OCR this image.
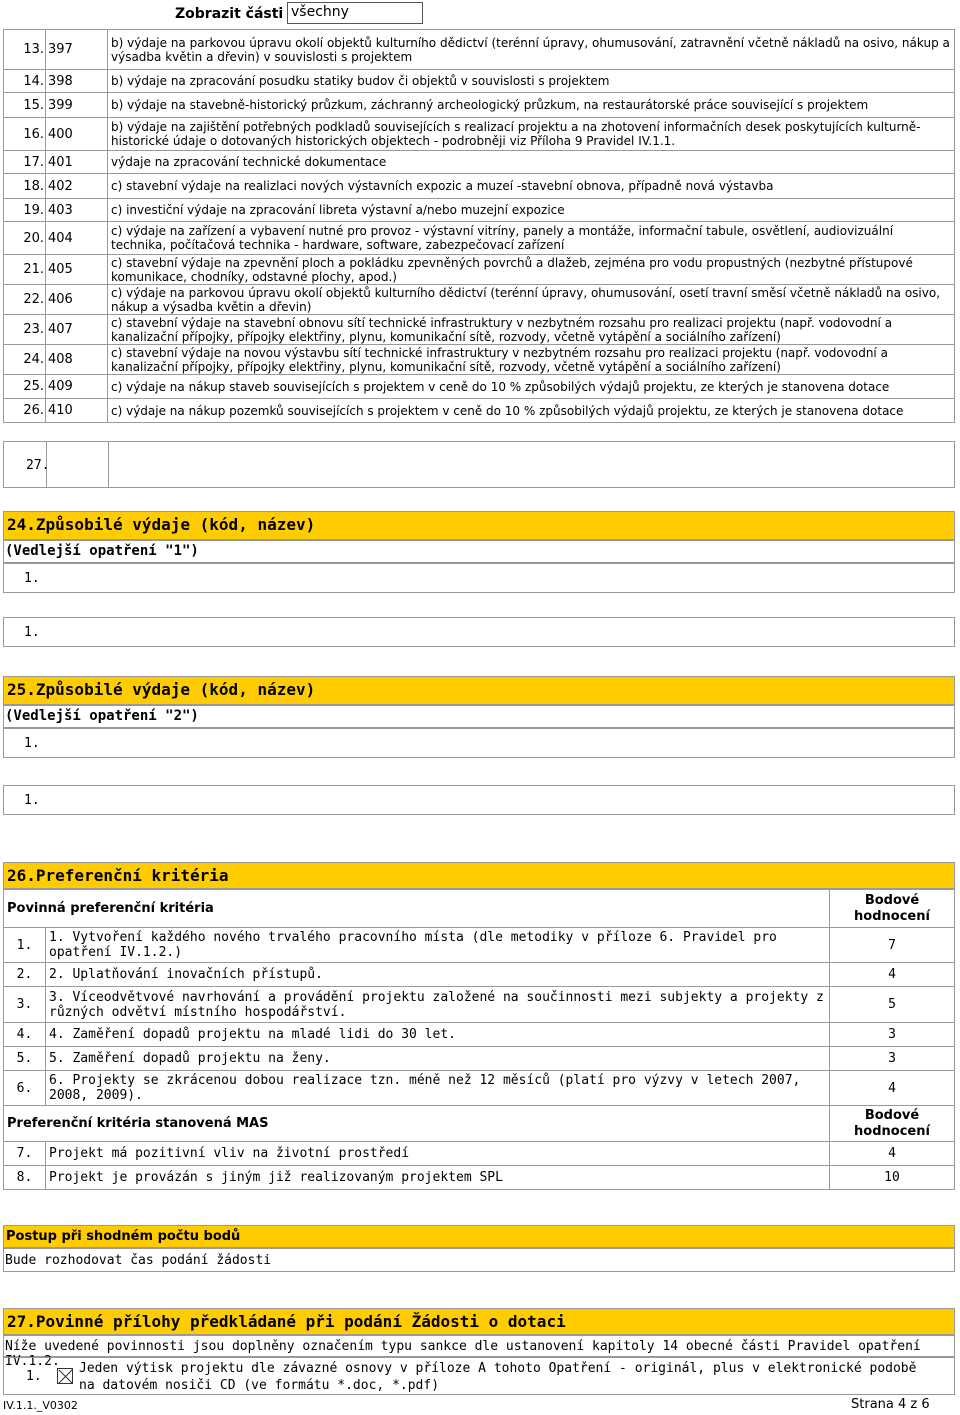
Zobrazit části všechny
13.	397	b) výdaje na parkovou úpravu okolí objektů kulturního dědictví (terénní úpravy, ohumusování, zatravnění včetně nákladů na osivo, nákup a výsadba květin a dřevin) v souvislosti s projektem
14.	398	b) výdaje na zpracování posudku statiky budov či objektů v souvislosti s projektem
15.	399	b) výdaje na stavebně-historický průzkum, záchranný archeologický průzkum, na restaurátorské práce související s projektem
16.	400	b) výdaje na zajištění potřebných podkladů souvisejících s realizací projektu a na zhotovení informačních desek poskytujících kulturně-historické údaje o dotovaných historických objektech - podrobněji viz Příloha 9 Pravidel IV.1.1.
17.	401	výdaje na zpracování technické dokumentace
18.	402	c) stavební výdaje na realizlaci nových výstavních expozic a muzeí -stavební obnova, případně nová výstavba
19.	403	c) investiční výdaje na zpracování libreta výstavní a/nebo muzejní expozice
20.	404	c) výdaje na zařízení a vybavení nutné pro provoz - výstavní vitríny, panely a montáže, informační tabule, osvětlení, audiovizuální technika, počítačová technika - hardware, software, zabezpečovací zařízení
21.	405	c) stavební výdaje na zpevnění ploch a pokládku zpevněných povrchů a dlažeb, zejména pro vodu propustných (nezbytné přístupové komunikace, chodníky, odstavné plochy, apod.)
22.	406	c) výdaje na parkovou úpravu okolí objektů kulturního dědictví (terénní úpravy, ohumusování, osetí travní směsí včetně nákladů na osivo, nákup a výsadba květin a dřevin)
23.	407	c) stavební výdaje na stavební obnovu sítí technické infrastruktury v nezbytném rozsahu pro realizaci projektu (např. vodovodní a kanalizační přípojky, přípojky elektřiny, plynu, komunikační sítě, rozvody, včetně vytápění a sociálního zařízení)
24.	408	c) stavební výdaje na novou výstavbu sítí technické infrastruktury v nezbytném rozsahu pro realizaci projektu (např. vodovodní a kanalizační přípojky, přípojky elektřiny, plynu, komunikační sítě, rozvody, včetně vytápění a sociálního zařízení)
25.	409	c) výdaje na nákup staveb souvisejících s projektem v ceně do 10 % způsobilých výdajů projektu, ze kterých je stanovena dotace
26.	410	c) výdaje na nákup pozemků souvisejících s projektem v ceně do 10 % způsobilých výdajů projektu, ze kterých je stanovena dotace
27.
24.Způsobilé výdaje (kód, název)
(Vedlejší opatření "1")
1.
1.
25.Způsobilé výdaje (kód, název)
(Vedlejší opatření "2")
1.
1.
26.Preferenční kritéria
Povinná preferenční kritéria		Bodové hodnocení
1.	1. Vytvoření každého nového trvalého pracovního místa (dle metodiky v příloze 6. Pravidel pro opatření IV.1.2.)	7
2.	2. Uplatňování inovačních přístupů.	4
3.	3. Víceodvětvové navrhování a provádění projektu založené na součinnosti mezi subjekty a projekty z různých odvětví místního hospodářství.	5
4.	4. Zaměření dopadů projektu na mladé lidi do 30 let.	3
5.	5. Zaměření dopadů projektu na ženy.	3
6.	6. Projekty se zkrácenou dobou realizace tzn. méně než 12 měsíců (platí pro výzvy v letech 2007, 2008, 2009).	4
Preferenční kritéria stanovená MAS		Bodové hodnocení
7.	Projekt má pozitivní vliv na životní prostředí	4
8.	Projekt je provázán s jiným již realizovaným projektem SPL	10
Postup při shodném počtu bodů
Bude rozhodovat čas podání žádosti
27.Povinné přílohy předkládané při podání Žádosti o dotaci
Níže uvedené povinnosti jsou doplněny označením typu sankce dle ustanovení kapitoly 14 obecné části Pravidel opatření IV.1.2.
1.
Jeden výtisk projektu dle závazné osnovy v příloze A tohoto Opatření - originál, plus v elektronické podobě na datovém nosiči CD (ve formátu *.doc, *.pdf)
IV.1.1._V0302	Strana 4 z 6
